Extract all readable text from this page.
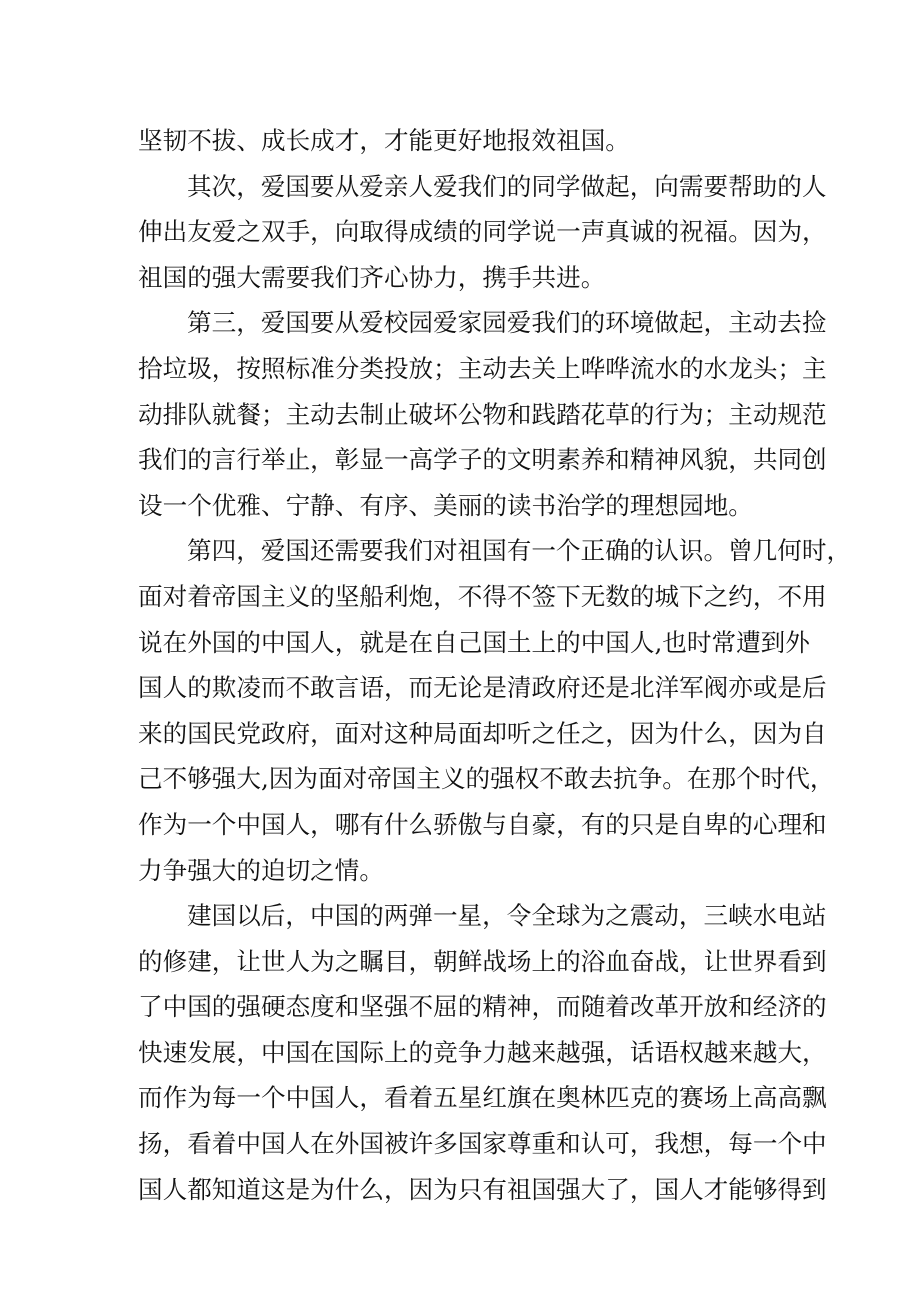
坚韧不拔、成长成才，才能更好地报效祖国。
其次，爱国要从爱亲人爱我们的同学做起，向需要帮助的人
伸出友爱之双手，向取得成绩的同学说一声真诚的祝福。因为，
祖国的强大需要我们齐心协力，携手共进。
第三，爱国要从爱校园爱家园爱我们的环境做起，主动去捡
拾垃圾，按照标准分类投放；主动去关上哗哗流水的水龙头；主
动排队就餐；主动去制止破坏公物和践踏花草的行为；主动规范
我们的言行举止，彰显一高学子的文明素养和精神风貌，共同创
设一个优雅、宁静、有序、美丽的读书治学的理想园地。
第四，爱国还需要我们对祖国有一个正确的认识。曾几何时，
面对着帝国主义的坚船利炮，不得不签下无数的城下之约，不用
说在外国的中国人，就是在自己国土上的中国人,也时常遭到外
国人的欺凌而不敢言语，而无论是清政府还是北洋军阀亦或是后
来的国民党政府，面对这种局面却听之任之，因为什么，因为自
己不够强大,因为面对帝国主义的强权不敢去抗争。在那个时代，
作为一个中国人，哪有什么骄傲与自豪，有的只是自卑的心理和
力争强大的迫切之情。
建国以后，中国的两弹一星，令全球为之震动，三峡水电站
的修建，让世人为之瞩目，朝鲜战场上的浴血奋战，让世界看到
了中国的强硬态度和坚强不屈的精神，而随着改革开放和经济的
快速发展，中国在国际上的竞争力越来越强，话语权越来越大，
而作为每一个中国人，看着五星红旗在奥林匹克的赛场上高高飘
扬，看着中国人在外国被许多国家尊重和认可，我想，每一个中
国人都知道这是为什么，因为只有祖国强大了，国人才能够得到
